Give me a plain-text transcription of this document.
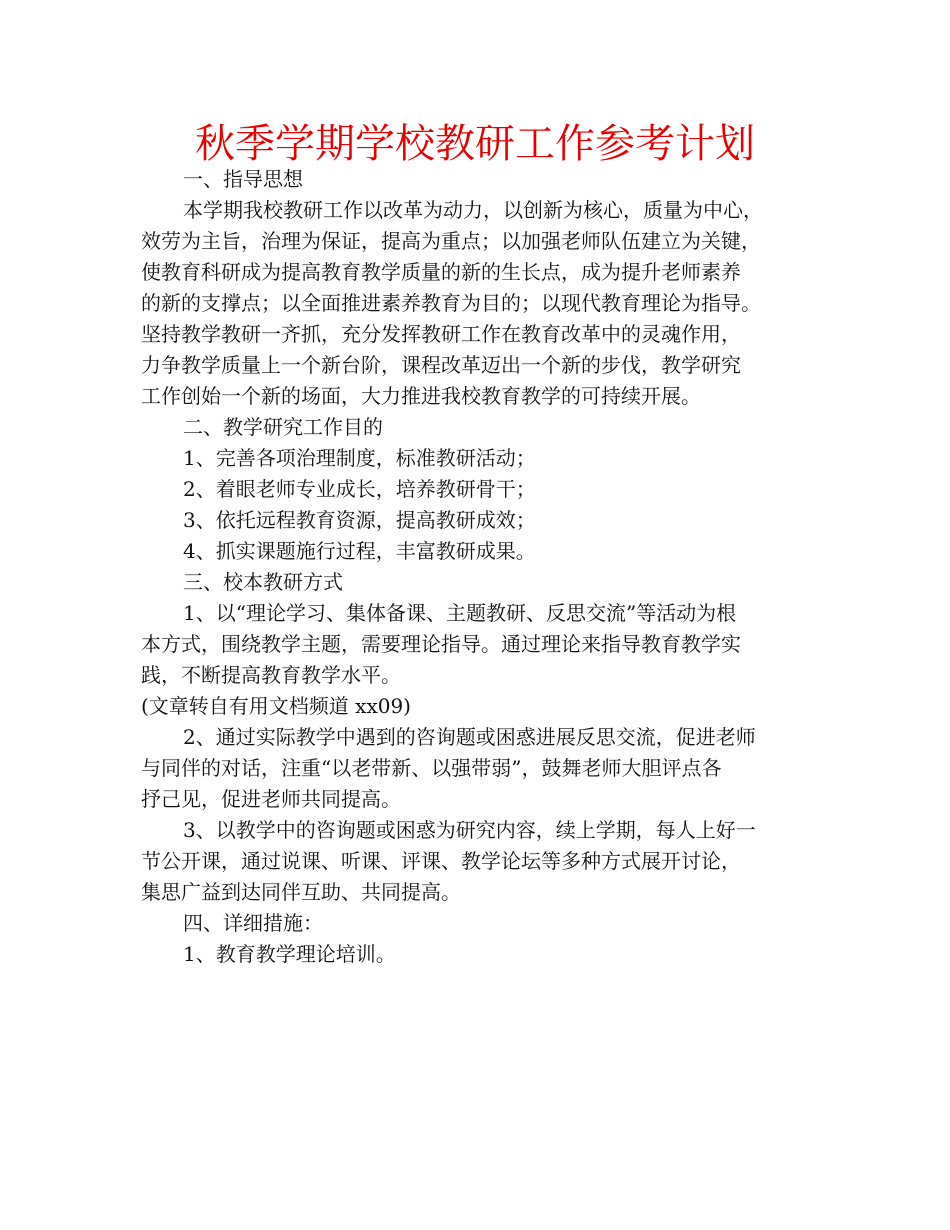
秋季学期学校教研工作参考计划

一、指导思想

本学期我校教研工作以改革为动力，以创新为核心，质量为中心，

效劳为主旨，治理为保证，提高为重点；以加强老师队伍建立为关键，

使教育科研成为提高教育教学质量的新的生长点，成为提升老师素养

的新的支撑点；以全面推进素养教育为目的；以现代教育理论为指导。

坚持教学教研一齐抓，充分发挥教研工作在教育改革中的灵魂作用，

力争教学质量上一个新台阶，课程改革迈出一个新的步伐，教学研究

工作创始一个新的场面，大力推进我校教育教学的可持续开展。

二、教学研究工作目的

1、完善各项治理制度，标准教研活动；

2、着眼老师专业成长，培养教研骨干；

3、依托远程教育资源，提高教研成效；

4、抓实课题施行过程，丰富教研成果。

三、校本教研方式

1、以“理论学习、集体备课、主题教研、反思交流”等活动为根

本方式，围绕教学主题，需要理论指导。通过理论来指导教育教学实

践，不断提高教育教学水平。

(文章转自有用文档频道 xx09)

2、通过实际教学中遇到的咨询题或困惑进展反思交流，促进老师

与同伴的对话，注重“以老带新、以强带弱”，鼓舞老师大胆评点各

抒己见，促进老师共同提高。

3、以教学中的咨询题或困惑为研究内容，续上学期，每人上好一

节公开课，通过说课、听课、评课、教学论坛等多种方式展开讨论，

集思广益到达同伴互助、共同提高。

四、详细措施：

1、教育教学理论培训。
